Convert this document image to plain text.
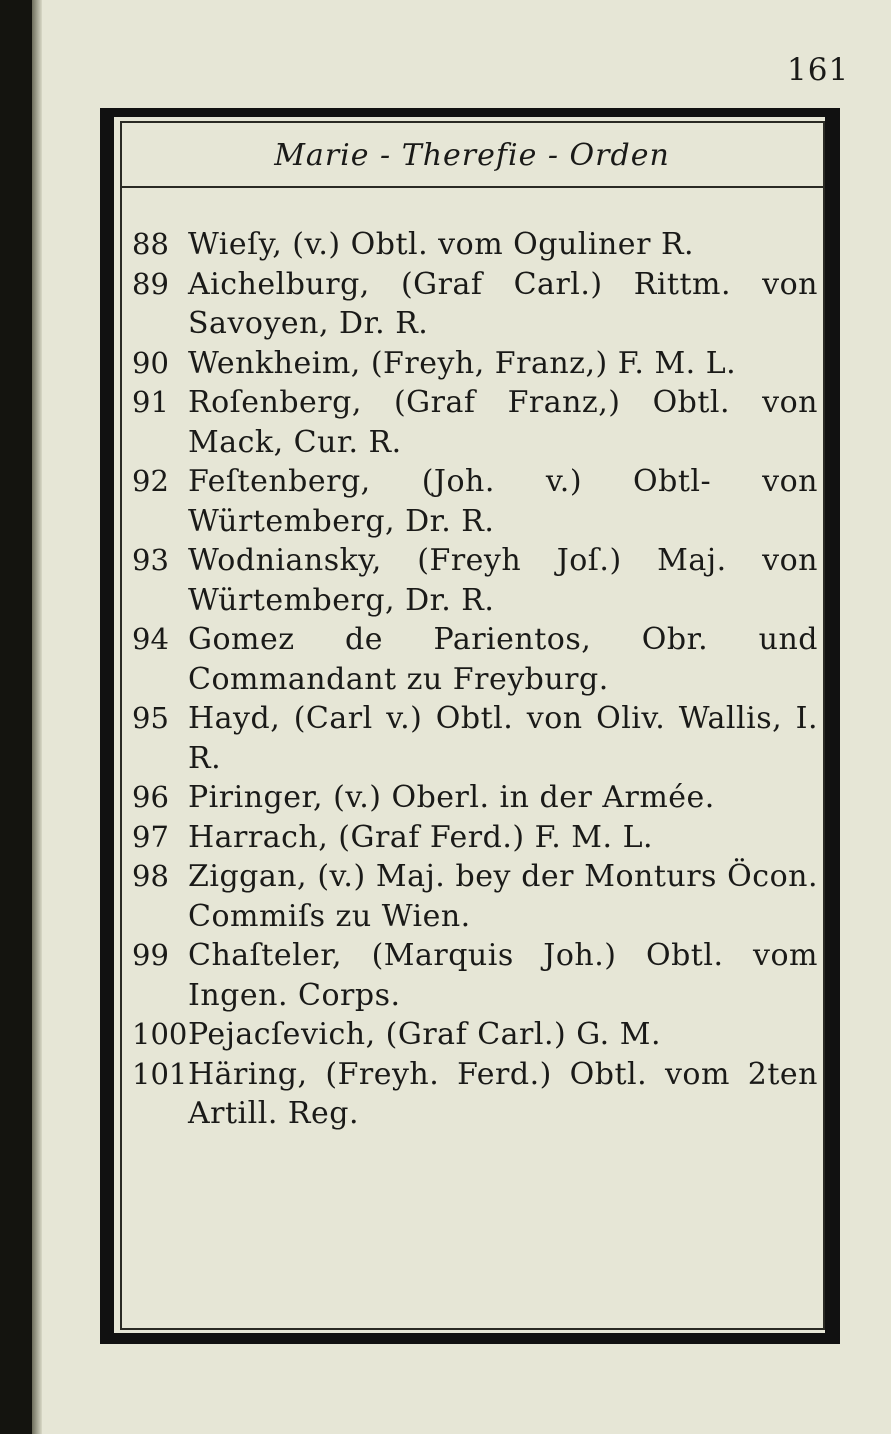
161
Marie - Therefie - Orden
88 Wieſy, (v.) Obtl. vom Oguliner R.
89 Aichelburg, (Graf Carl.) Rittm. von Savoyen, Dr. R.
90 Wenkheim, (Freyh, Franz,) F. M. L.
91 Roſenberg, (Graf Franz,) Obtl. von Mack, Cur. R.
92 Feſtenberg, (Joh. v.) Obtl- von Würtemberg, Dr. R.
93 Wodniansky, (Freyh Joſ.) Maj. von Würtemberg, Dr. R.
94 Gomez de Parientos, Obr. und Commandant zu Freyburg.
95 Hayd, (Carl v.) Obtl. von Oliv. Wallis, I. R.
96 Piringer, (v.) Oberl. in der Armée.
97 Harrach, (Graf Ferd.) F. M. L.
98 Ziggan, (v.) Maj. bey der Monturs Öcon. Commiſs zu Wien.
99 Chaſteler, (Marquis Joh.) Obtl. vom Ingen. Corps.
100 Pejacſevich, (Graf Carl.) G. M.
101 Häring, (Freyh. Ferd.) Obtl. vom 2ten Artill. Reg.
